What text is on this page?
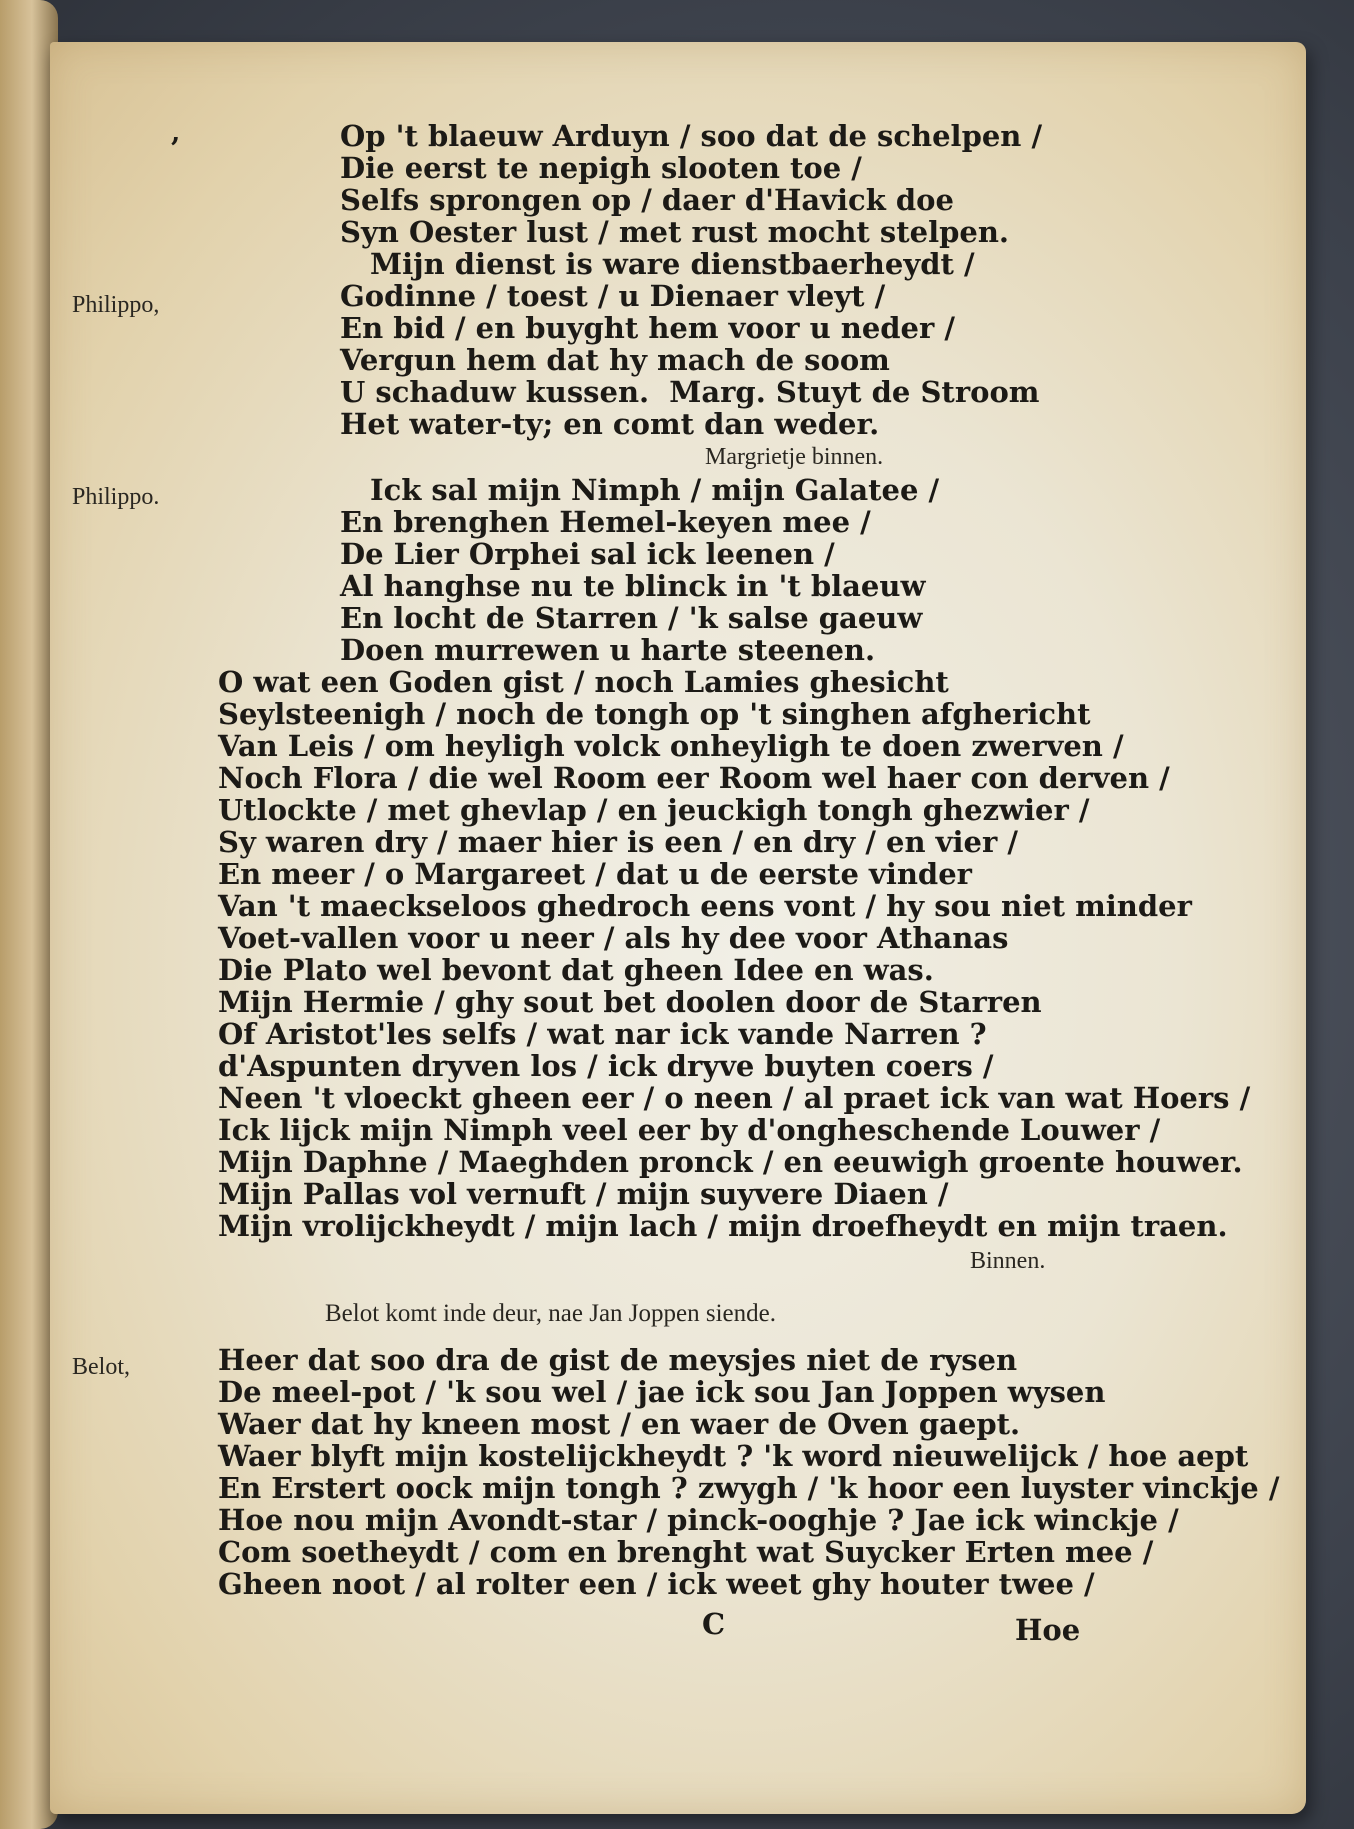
’	Op 't blaeuw Arduyn / soo dat de schelpen /
Die eerst te nepigh slooten toe /
Selfs sprongen op / daer d'Havick doe
Syn Oester lust / met rust mocht stelpen.
Philippo,
Mijn dienst is ware dienstbaerheydt /
Godinne / toest / u Dienaer vleyt /
En bid / en buyght hem voor u neder /
Vergun hem dat hy mach de soom
U schaduw kussen. Marg. Stuyt de Stroom
Het water-ty; en comt dan weder.
Margrietje binnen.
Philippo.	Ick sal mijn Nimph / mijn Galatee /
En brenghen Hemel-keyen mee /
De Lier Orphei sal ick leenen /
Al hanghse nu te blinck in 't blaeuw
En locht de Starren / 'k salse gaeuw
Doen murrewen u harte steenen.
O wat een Goden gist / noch Lamies ghesicht
Seylsteenigh / noch de tongh op 't singhen afghericht
Van Leis / om heyligh volck onheyligh te doen zwerven /
Noch Flora / die wel Room eer Room wel haer con derven /
Utlockte / met ghevlap / en jeuckigh tongh ghezwier /
Sy waren dry / maer hier is een / en dry / en vier /
En meer / o Margareet / dat u de eerste vinder
Van 't maeckseloos ghedroch eens vont / hy sou niet minder
Voet-vallen voor u neer / als hy dee voor Athanas
Die Plato wel bevont dat gheen Idee en was.
Mijn Hermie / ghy sout bet doolen door de Starren
Of Aristot'les selfs / wat nar ick vande Narren ?
d'Aspunten dryven los / ick dryve buyten coers /
Neen 't vloeckt gheen eer / o neen / al praet ick van wat Hoers /
Ick lijck mijn Nimph veel eer by d'ongheschende Louwer /
Mijn Daphne / Maeghden pronck / en eeuwigh groente houwer.
Mijn Pallas vol vernuft / mijn suyvere Diaen /
Mijn vrolijckheydt / mijn lach / mijn droefheydt en mijn traen.
Binnen.
Belot komt inde deur, nae Jan Joppen siende.
Belot,	Heer dat soo dra de gist de meysjes niet de rysen
De meel-pot / 'k sou wel / jae ick sou Jan Joppen wysen
Waer dat hy kneen most / en waer de Oven gaept.
Waer blyft mijn kostelijckheydt ? 'k word nieuwelijck / hoe aept
En Erstert oock mijn tongh ? zwygh / 'k hoor een luyster vinckje /
Hoe nou mijn Avondt-star / pinck-ooghje ? Jae ick winckje /
Com soetheydt / com en brenght wat Suycker Erten mee /
Gheen noot / al rolter een / ick weet ghy houter twee /
C	Hoe
